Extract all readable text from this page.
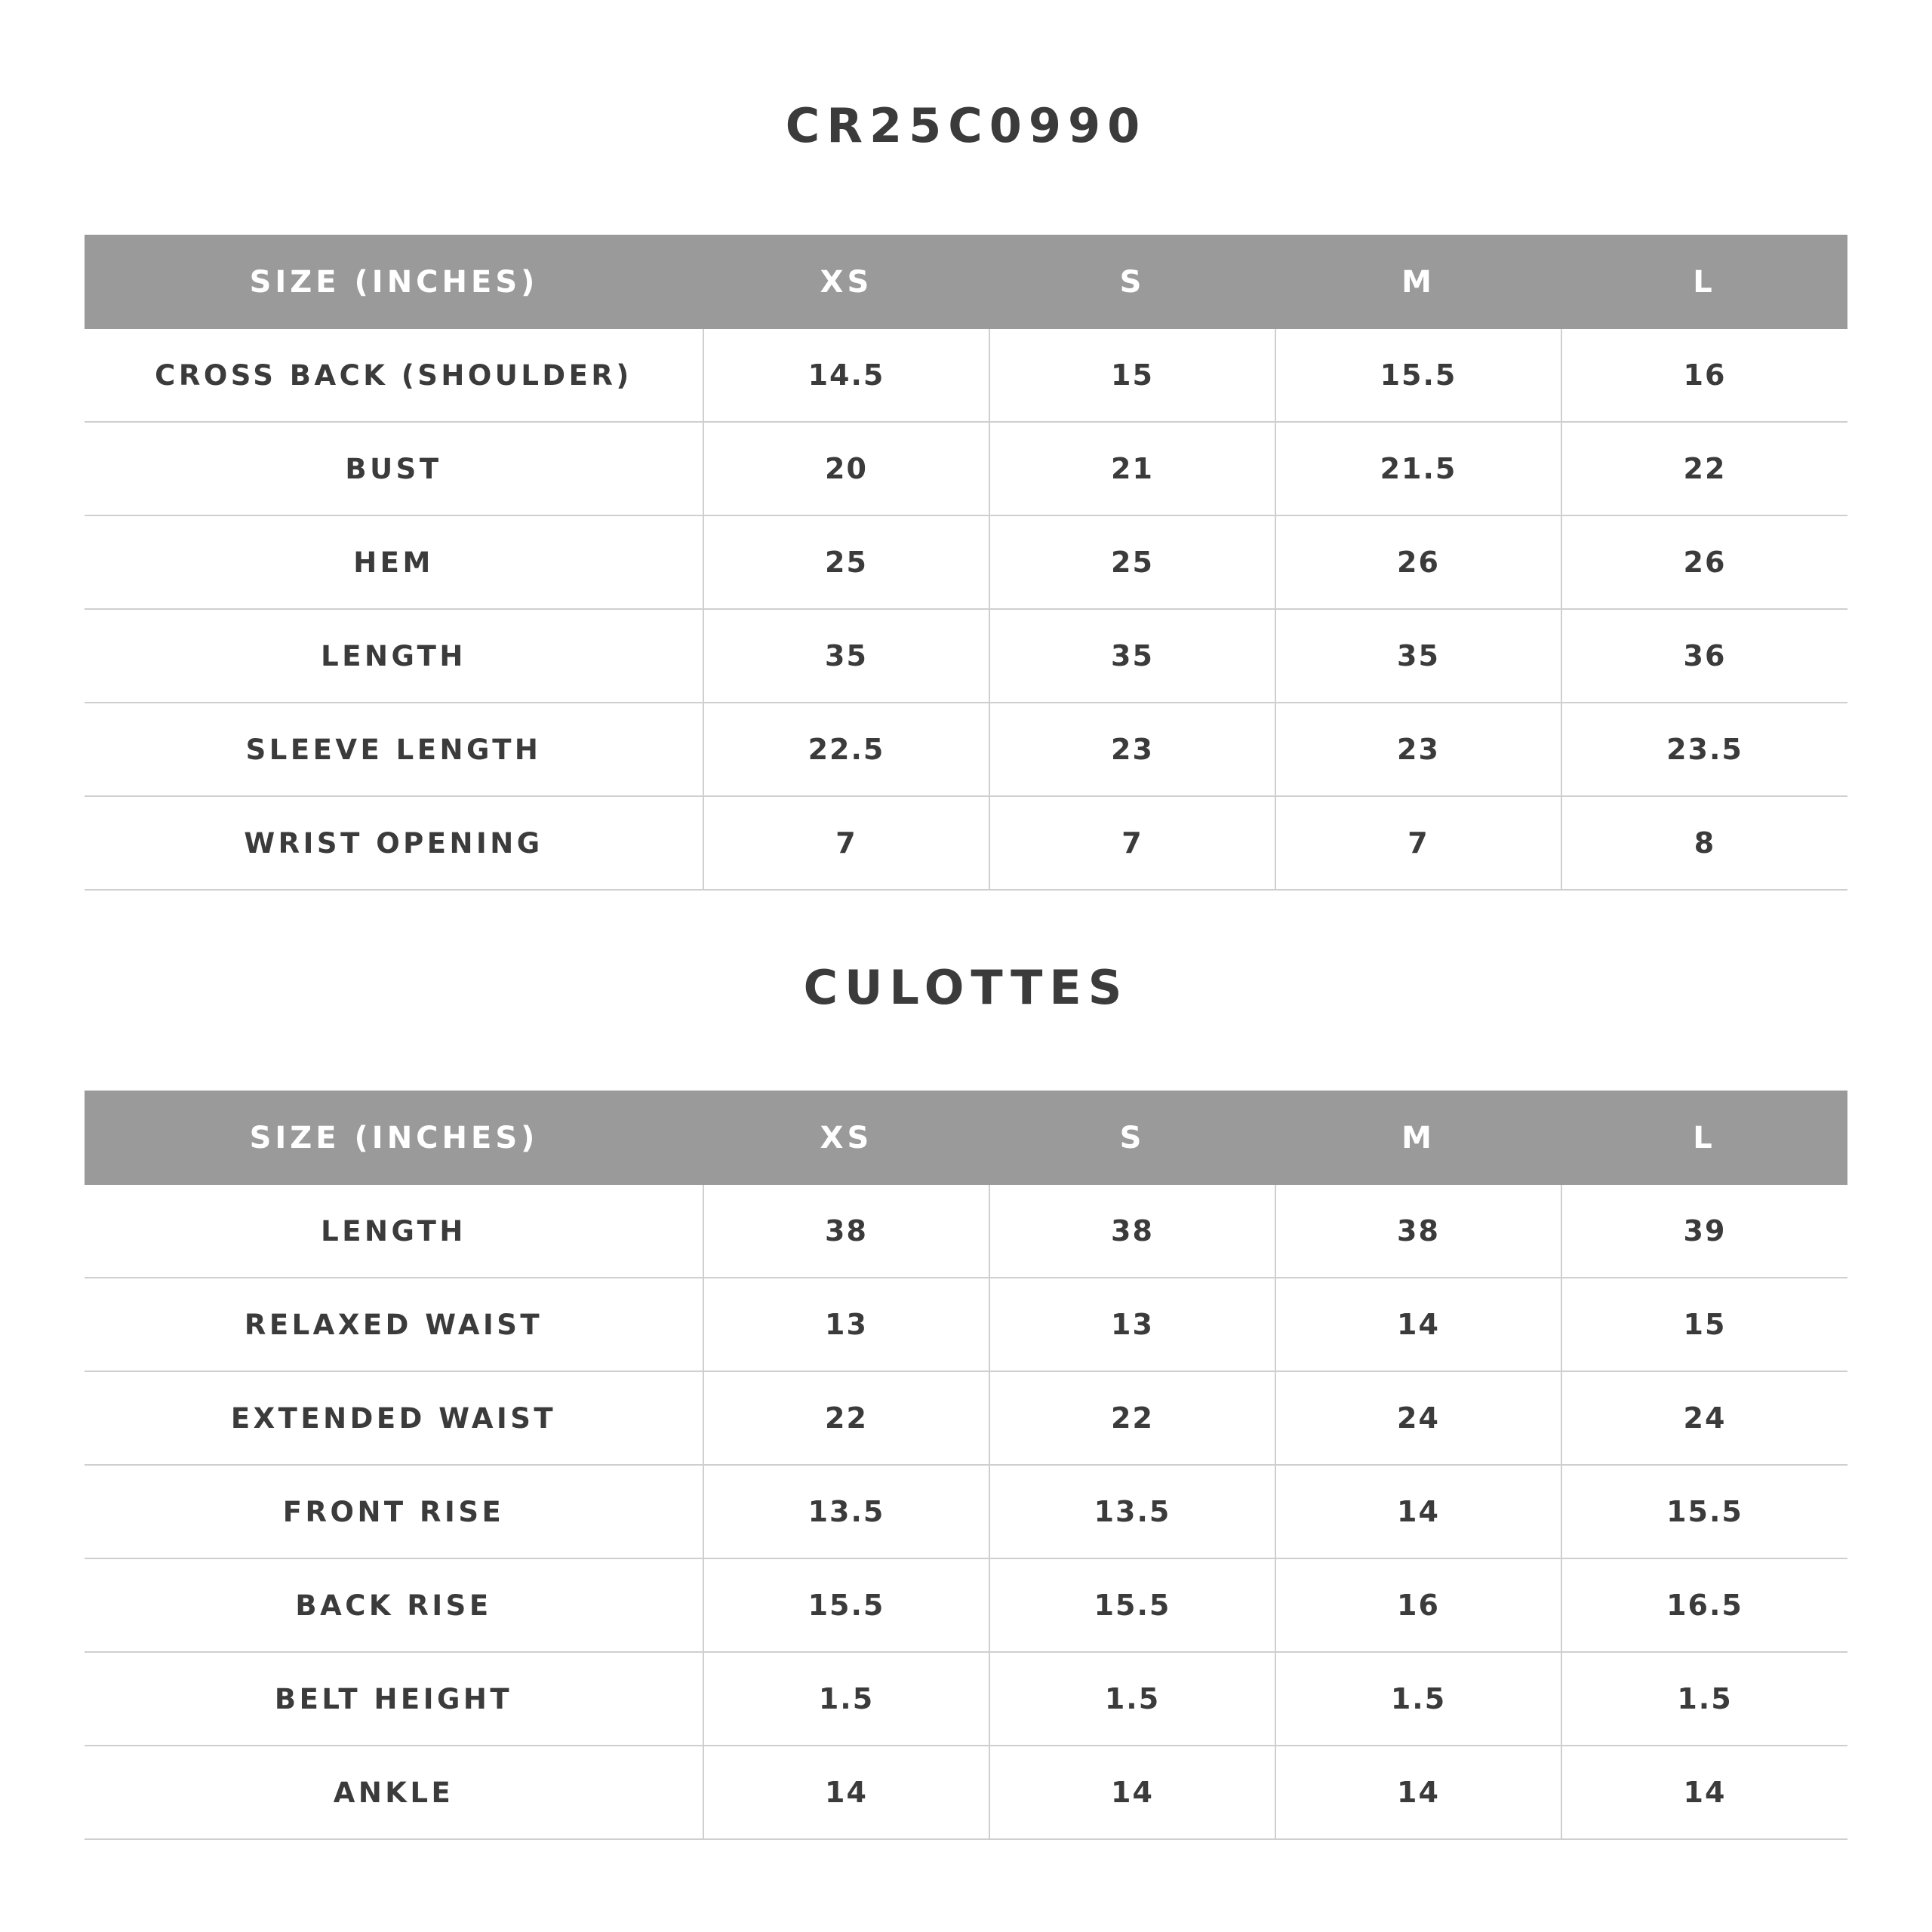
CR25C0990
SIZE (INCHES)	XS	S	M	L
CROSS BACK (SHOULDER)	14.5	15	15.5	16
BUST	20	21	21.5	22
HEM	25	25	26	26
LENGTH	35	35	35	36
SLEEVE LENGTH	22.5	23	23	23.5
WRIST OPENING	7	7	7	8
CULOTTES
SIZE (INCHES)	XS	S	M	L
LENGTH	38	38	38	39
RELAXED WAIST	13	13	14	15
EXTENDED WAIST	22	22	24	24
FRONT RISE	13.5	13.5	14	15.5
BACK RISE	15.5	15.5	16	16.5
BELT HEIGHT	1.5	1.5	1.5	1.5
ANKLE	14	14	14	14
